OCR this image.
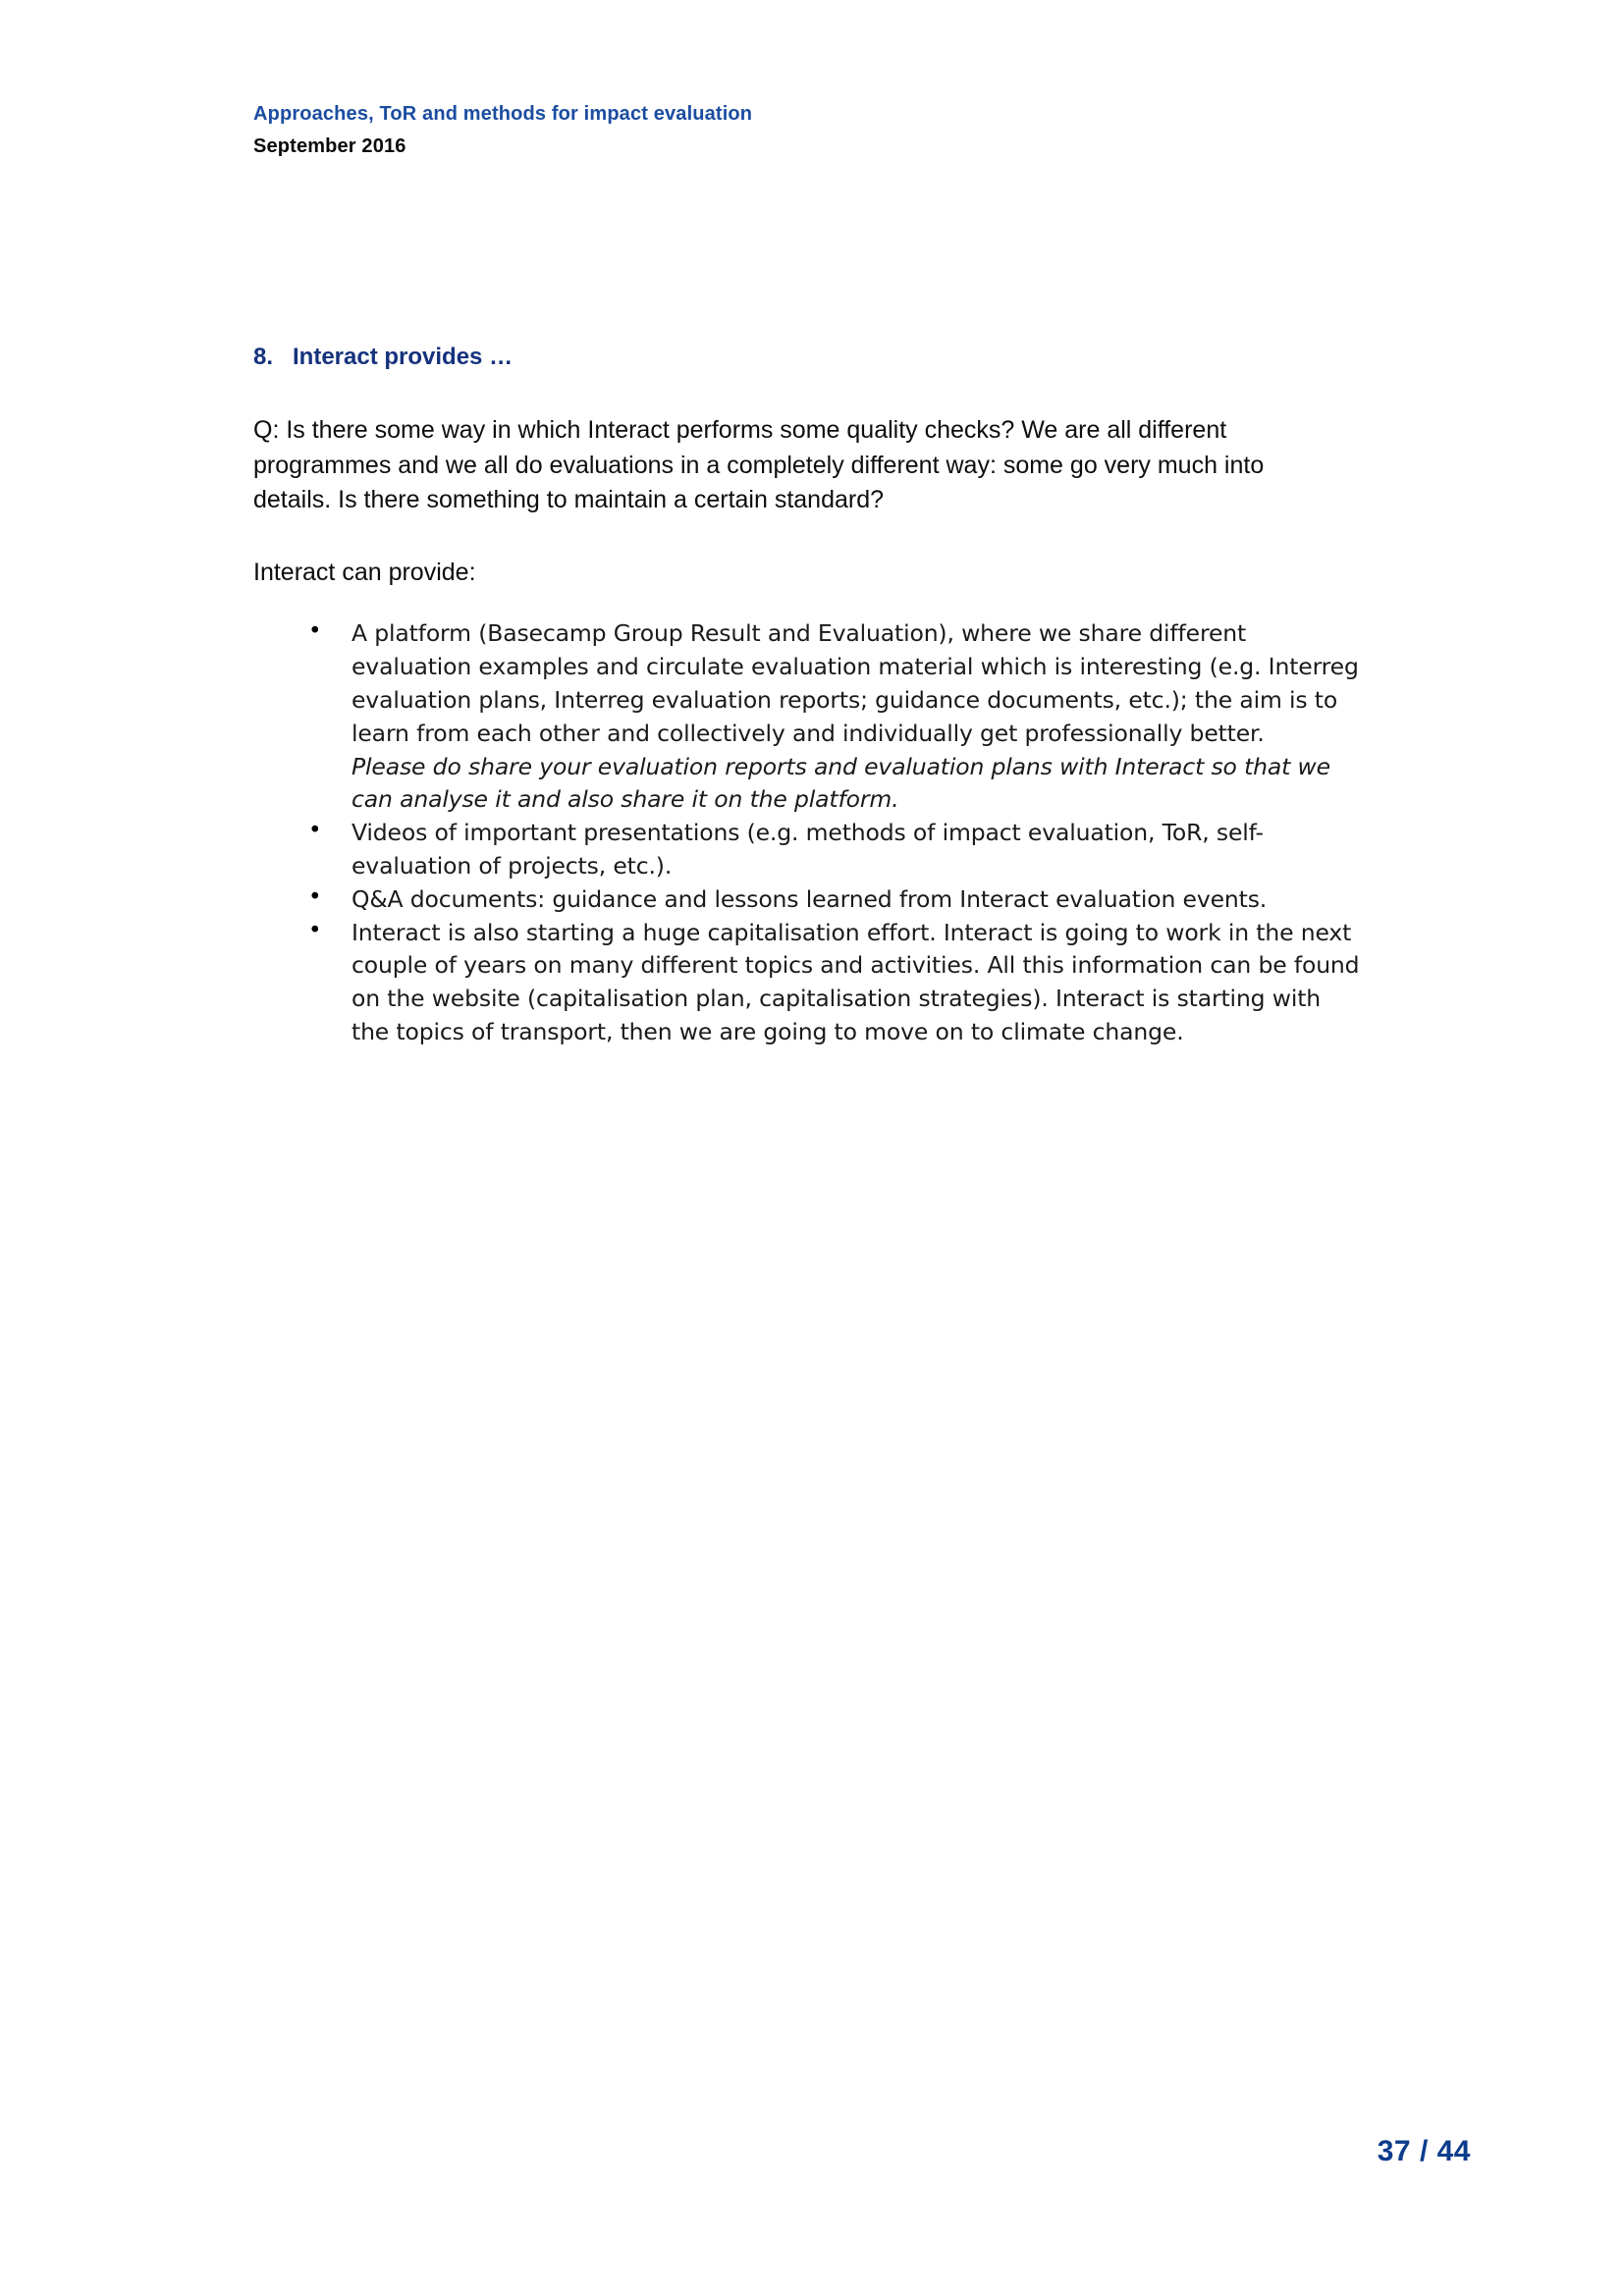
Approaches, ToR and methods for impact evaluation
September 2016
8. Interact provides …

Q: Is there some way in which Interact performs some quality checks? We are all different programmes and we all do evaluations in a completely different way: some go very much into details. Is there something to maintain a certain standard?

Interact can provide:

• A platform (Basecamp Group Result and Evaluation), where we share different evaluation examples and circulate evaluation material which is interesting (e.g. Interreg evaluation plans, Interreg evaluation reports; guidance documents, etc.); the aim is to learn from each other and collectively and individually get professionally better.
Please do share your evaluation reports and evaluation plans with Interact so that we can analyse it and also share it on the platform.
• Videos of important presentations (e.g. methods of impact evaluation, ToR, self-evaluation of projects, etc.).
• Q&A documents: guidance and lessons learned from Interact evaluation events.
• Interact is also starting a huge capitalisation effort. Interact is going to work in the next couple of years on many different topics and activities. All this information can be found on the website (capitalisation plan, capitalisation strategies). Interact is starting with the topics of transport, then we are going to move on to climate change.
37 / 44
